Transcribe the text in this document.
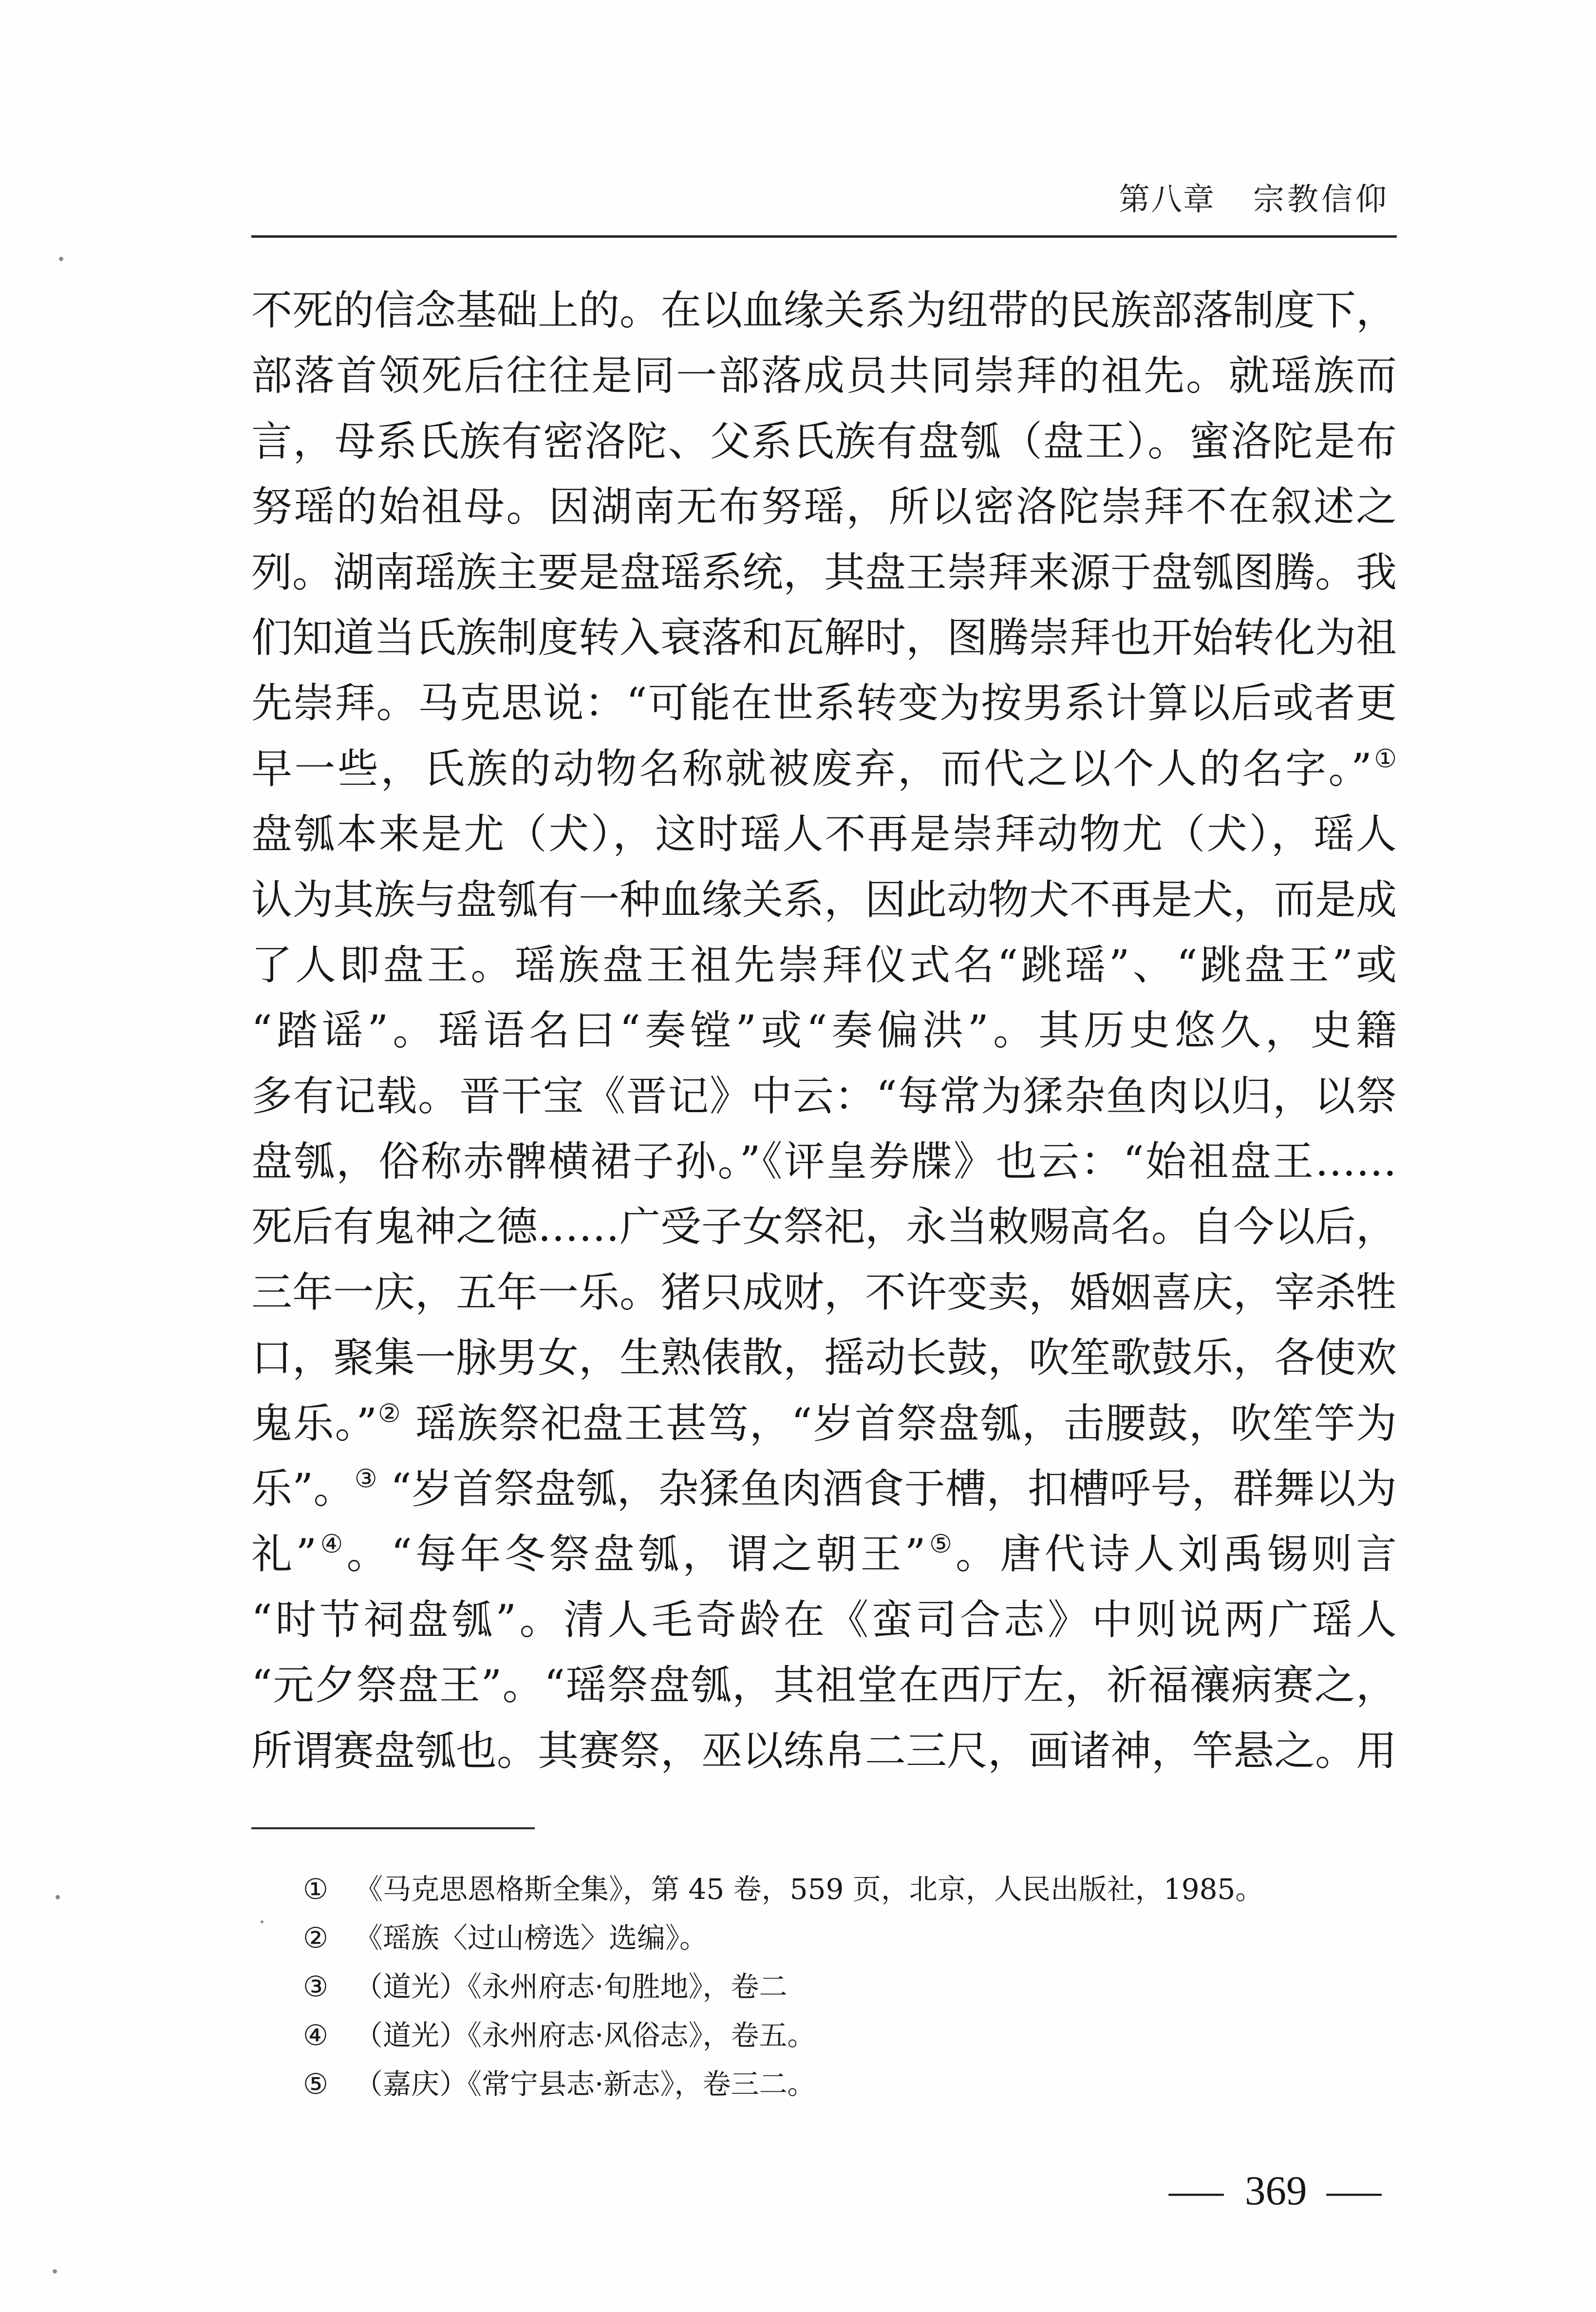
第八章 宗教信仰
不死的信念基础上的。在以血缘关系为纽带的民族部落制度下，
部落首领死后往往是同一部落成员共同崇拜的祖先。就瑶族而
言，母系氏族有密洛陀、父系氏族有盘瓠（盘王）。蜜洛陀是布
努瑶的始祖母。因湖南无布努瑶，所以密洛陀崇拜不在叙述之
列。湖南瑶族主要是盘瑶系统，其盘王崇拜来源于盘瓠图腾。我
们知道当氏族制度转入衰落和瓦解时，图腾崇拜也开始转化为祖
先崇拜。马克思说：“可能在世系转变为按男系计算以后或者更
早一些，氏族的动物名称就被废弃，而代之以个人的名字。”①
盘瓠本来是尤（犬），这时瑶人不再是崇拜动物尤（犬），瑶人
认为其族与盘瓠有一种血缘关系，因此动物犬不再是犬，而是成
了人即盘王。瑶族盘王祖先崇拜仪式名“跳瑶”、“跳盘王”或
“踏谣”。瑶语名曰“奏镗”或“奏偏洪”。其历史悠久，史籍
多有记载。晋干宝《晋记》中云：“每常为猱杂鱼肉以归，以祭
盘瓠，俗称赤髀横裙子孙。”《评皇券牒》也云：“始祖盘王……
死后有鬼神之德……广受子女祭祀，永当敕赐高名。自今以后，
三年一庆，五年一乐。猪只成财，不许变卖，婚姻喜庆，宰杀牲
口，聚集一脉男女，生熟俵散，摇动长鼓，吹笙歌鼓乐，各使欢
鬼乐。”② 瑶族祭祀盘王甚笃，“岁首祭盘瓠，击腰鼓，吹笙竽为
乐”。③ “岁首祭盘瓠，杂猱鱼肉酒食于槽，扣槽呼号，群舞以为
礼”④。“每年冬祭盘瓠，谓之朝王”⑤。唐代诗人刘禹锡则言
“时节祠盘瓠”。清人毛奇龄在《蛮司合志》中则说两广瑶人
“元夕祭盘王”。“瑶祭盘瓠，其祖堂在西厅左，祈福禳病赛之，
所谓赛盘瓠也。其赛祭，巫以练帛二三尺，画诸神，竿悬之。用
① 《马克思恩格斯全集》，第 45 卷，559 页，北京，人民出版社，1985。
② 《瑶族〈过山榜选〉选编》。
③ （道光）《永州府志·旬胜地》，卷二
④ （道光）《永州府志·风俗志》，卷五。
⑤ （嘉庆）《常宁县志·新志》，卷三二。
— 369 —
